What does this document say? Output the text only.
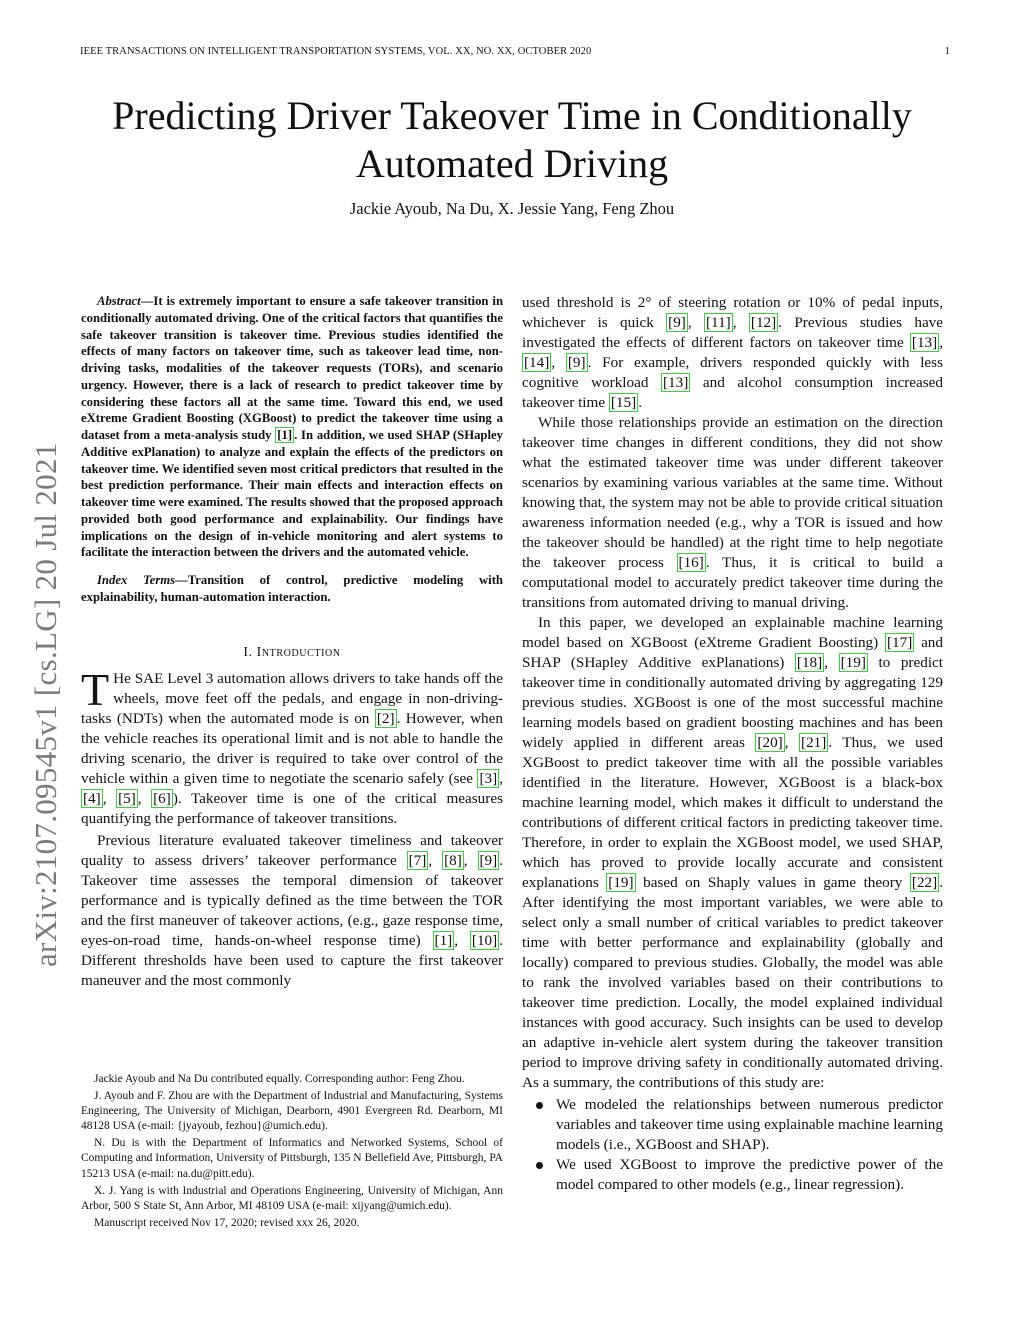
IEEE TRANSACTIONS ON INTELLIGENT TRANSPORTATION SYSTEMS, VOL. XX, NO. XX, OCTOBER 2020	1
arXiv:2107.09545v1 [cs.LG] 20 Jul 2021
Predicting Driver Takeover Time in Conditionally Automated Driving
Jackie Ayoub, Na Du, X. Jessie Yang, Feng Zhou

Abstract—It is extremely important to ensure a safe takeover transition in conditionally automated driving. One of the critical factors that quantifies the safe takeover transition is takeover time. Previous studies identified the effects of many factors on takeover time, such as takeover lead time, non-driving tasks, modalities of the takeover requests (TORs), and scenario urgency. However, there is a lack of research to predict takeover time by considering these factors all at the same time. Toward this end, we used eXtreme Gradient Boosting (XGBoost) to predict the takeover time using a dataset from a meta-analysis study [1] . In addition, we used SHAP (SHapley Additive exPlanation) to analyze and explain the effects of the predictors on takeover time. We identified seven most critical predictors that resulted in the best prediction performance. Their main effects and interaction effects on takeover time were examined. The results showed that the proposed approach provided both good performance and explainability. Our findings have implications on the design of in-vehicle monitoring and alert systems to facilitate the interaction between the drivers and the automated vehicle.

Index Terms—Transition of control, predictive modeling with explainability, human-automation interaction.

I. Introduction

T He SAE Level 3 automation allows drivers to take hands off the wheels, move feet off the pedals, and engage in non-driving-tasks (NDTs) when the automated mode is on [2] . However, when the vehicle reaches its operational limit and is not able to handle the driving scenario, the driver is required to take over control of the vehicle within a given time to negotiate the scenario safely (see [3] , [4] , [5] , [6] ). Takeover time is one of the critical measures quantifying the performance of takeover transitions.

Previous literature evaluated takeover timeliness and takeover quality to assess drivers’ takeover performance [7] , [8] , [9] . Takeover time assesses the temporal dimension of takeover performance and is typically defined as the time between the TOR and the first maneuver of takeover actions, (e.g., gaze response time, eyes-on-road time, hands-on-wheel response time) [1] , [10] . Different thresholds have been used to capture the first takeover maneuver and the most commonly

Jackie Ayoub and Na Du contributed equally. Corresponding author: Feng Zhou.

J. Ayoub and F. Zhou are with the Department of Industrial and Manufacturing, Systems Engineering, The University of Michigan, Dearborn, 4901 Evergreen Rd. Dearborn, MI 48128 USA (e-mail: {jyayoub, fezhou}@umich.edu).

N. Du is with the Department of Informatics and Networked Systems, School of Computing and Information, University of Pittsburgh, 135 N Bellefield Ave, Pittsburgh, PA 15213 USA (e-mail: na.du@pitt.edu).

X. J. Yang is with Industrial and Operations Engineering, University of Michigan, Ann Arbor, 500 S State St, Ann Arbor, MI 48109 USA (e-mail: xijyang@umich.edu).

Manuscript received Nov 17, 2020; revised xxx 26, 2020.

used threshold is 2° of steering rotation or 10% of pedal inputs, whichever is quick [9] , [11] , [12] . Previous studies have investigated the effects of different factors on takeover time [13] , [14] , [9] . For example, drivers responded quickly with less cognitive workload [13] and alcohol consumption increased takeover time [15] .

While those relationships provide an estimation on the direction takeover time changes in different conditions, they did not show what the estimated takeover time was under different takeover scenarios by examining various variables at the same time. Without knowing that, the system may not be able to provide critical situation awareness information needed (e.g., why a TOR is issued and how the takeover should be handled) at the right time to help negotiate the takeover process [16] . Thus, it is critical to build a computational model to accurately predict takeover time during the transitions from automated driving to manual driving.

In this paper, we developed an explainable machine learning model based on XGBoost (eXtreme Gradient Boosting) [17] and SHAP (SHapley Additive exPlanations) [18] , [19] to predict takeover time in conditionally automated driving by aggregating 129 previous studies. XGBoost is one of the most successful machine learning models based on gradient boosting machines and has been widely applied in different areas [20] , [21] . Thus, we used XGBoost to predict takeover time with all the possible variables identified in the literature. However, XGBoost is a black-box machine learning model, which makes it difficult to understand the contributions of different critical factors in predicting takeover time. Therefore, in order to explain the XGBoost model, we used SHAP, which has proved to provide locally accurate and consistent explanations [19] based on Shaply values in game theory [22] . After identifying the most important variables, we were able to select only a small number of critical variables to predict takeover time with better performance and explainability (globally and locally) compared to previous studies. Globally, the model was able to rank the involved variables based on their contributions to takeover time prediction. Locally, the model explained individual instances with good accuracy. Such insights can be used to develop an adaptive in-vehicle alert system during the takeover transition period to improve driving safety in conditionally automated driving. As a summary, the contributions of this study are:

We modeled the relationships between numerous predictor variables and takeover time using explainable machine learning models (i.e., XGBoost and SHAP).
We used XGBoost to improve the predictive power of the model compared to other models (e.g., linear regression).
